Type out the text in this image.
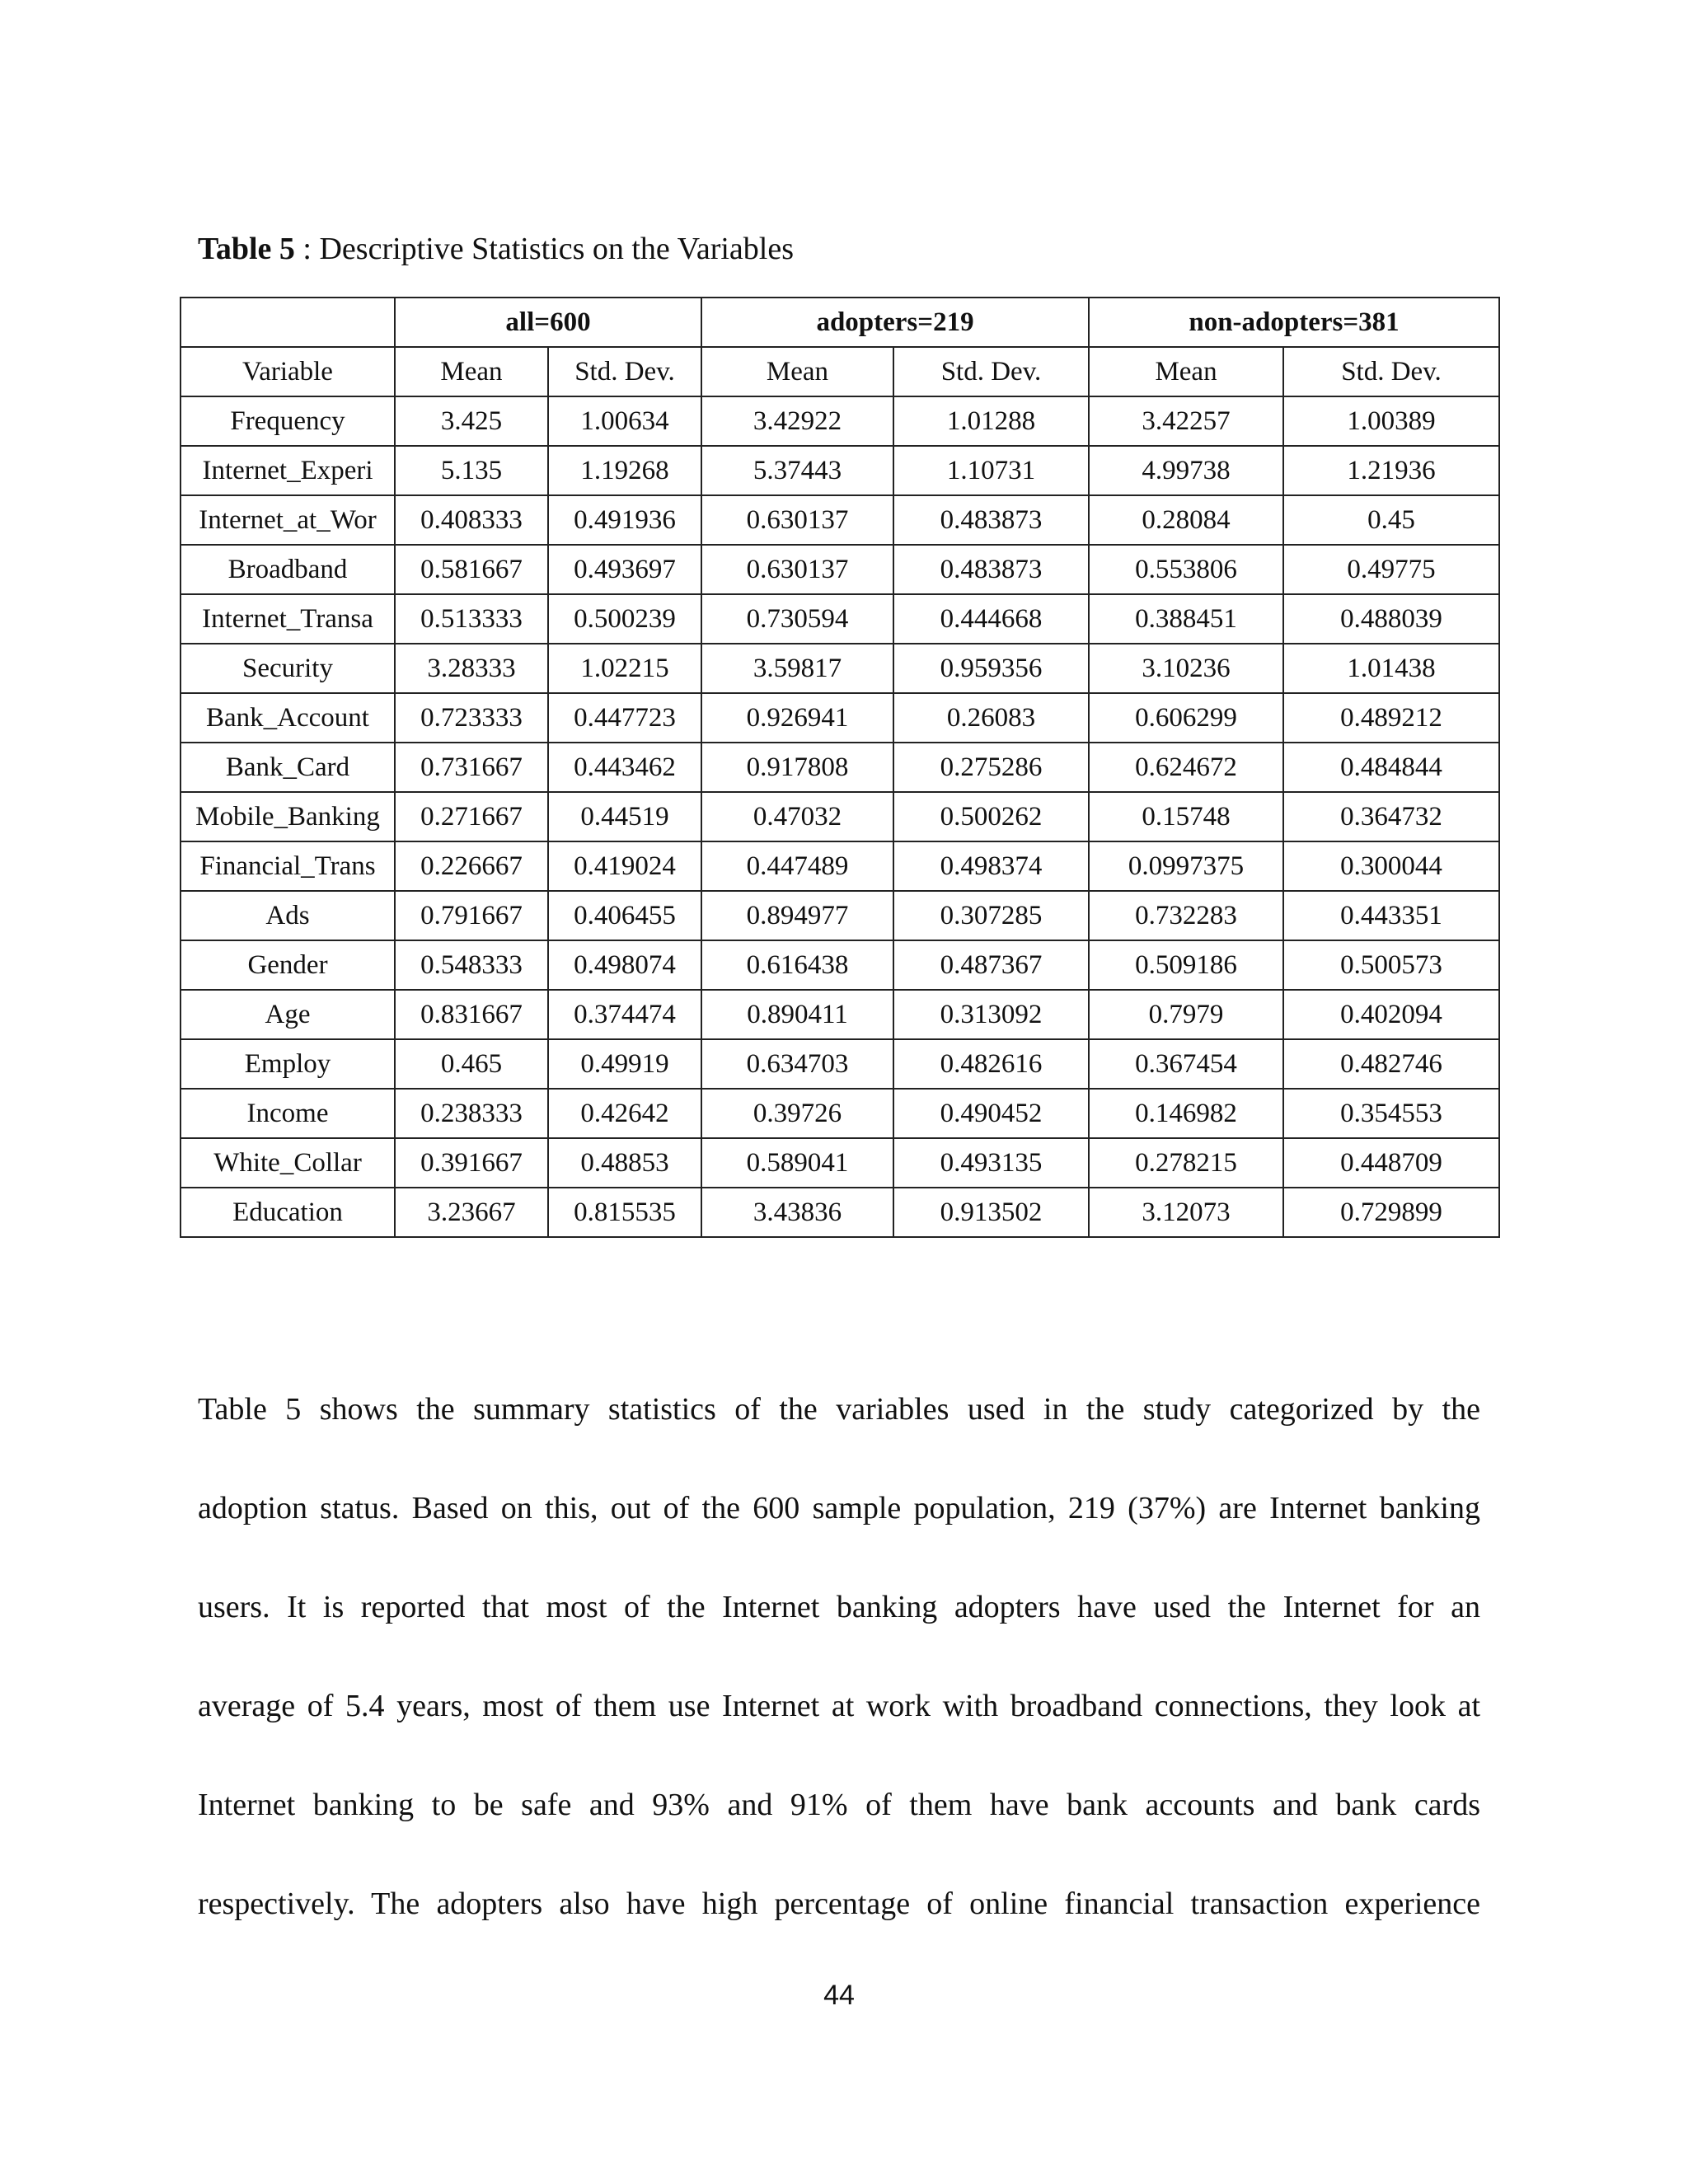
Table 5 : Descriptive Statistics on the Variables
	all=600		adopters=219		non-adopters=381	
Variable	Mean	Std. Dev.	Mean	Std. Dev.	Mean	Std. Dev.
Frequency	3.425	1.00634	3.42922	1.01288	3.42257	1.00389
Internet_Experi	5.135	1.19268	5.37443	1.10731	4.99738	1.21936
Internet_at_Wor	0.408333	0.491936	0.630137	0.483873	0.28084	0.45
Broadband	0.581667	0.493697	0.630137	0.483873	0.553806	0.49775
Internet_Transa	0.513333	0.500239	0.730594	0.444668	0.388451	0.488039
Security	3.28333	1.02215	3.59817	0.959356	3.10236	1.01438
Bank_Account	0.723333	0.447723	0.926941	0.26083	0.606299	0.489212
Bank_Card	0.731667	0.443462	0.917808	0.275286	0.624672	0.484844
Mobile_Banking	0.271667	0.44519	0.47032	0.500262	0.15748	0.364732
Financial_Trans	0.226667	0.419024	0.447489	0.498374	0.0997375	0.300044
Ads	0.791667	0.406455	0.894977	0.307285	0.732283	0.443351
Gender	0.548333	0.498074	0.616438	0.487367	0.509186	0.500573
Age	0.831667	0.374474	0.890411	0.313092	0.7979	0.402094
Employ	0.465	0.49919	0.634703	0.482616	0.367454	0.482746
Income	0.238333	0.42642	0.39726	0.490452	0.146982	0.354553
White_Collar	0.391667	0.48853	0.589041	0.493135	0.278215	0.448709
Education	3.23667	0.815535	3.43836	0.913502	3.12073	0.729899
Table 5 shows the summary statistics of the variables used in the study categorized by the
adoption status. Based on this, out of the 600 sample population, 219 (37%) are Internet banking
users. It is reported that most of the Internet banking adopters have used the Internet for an
average of 5.4 years, most of them use Internet at work with broadband connections, they look at
Internet banking to be safe and 93% and 91% of them have bank accounts and bank cards
respectively. The adopters also have high percentage of online financial transaction experience
44
